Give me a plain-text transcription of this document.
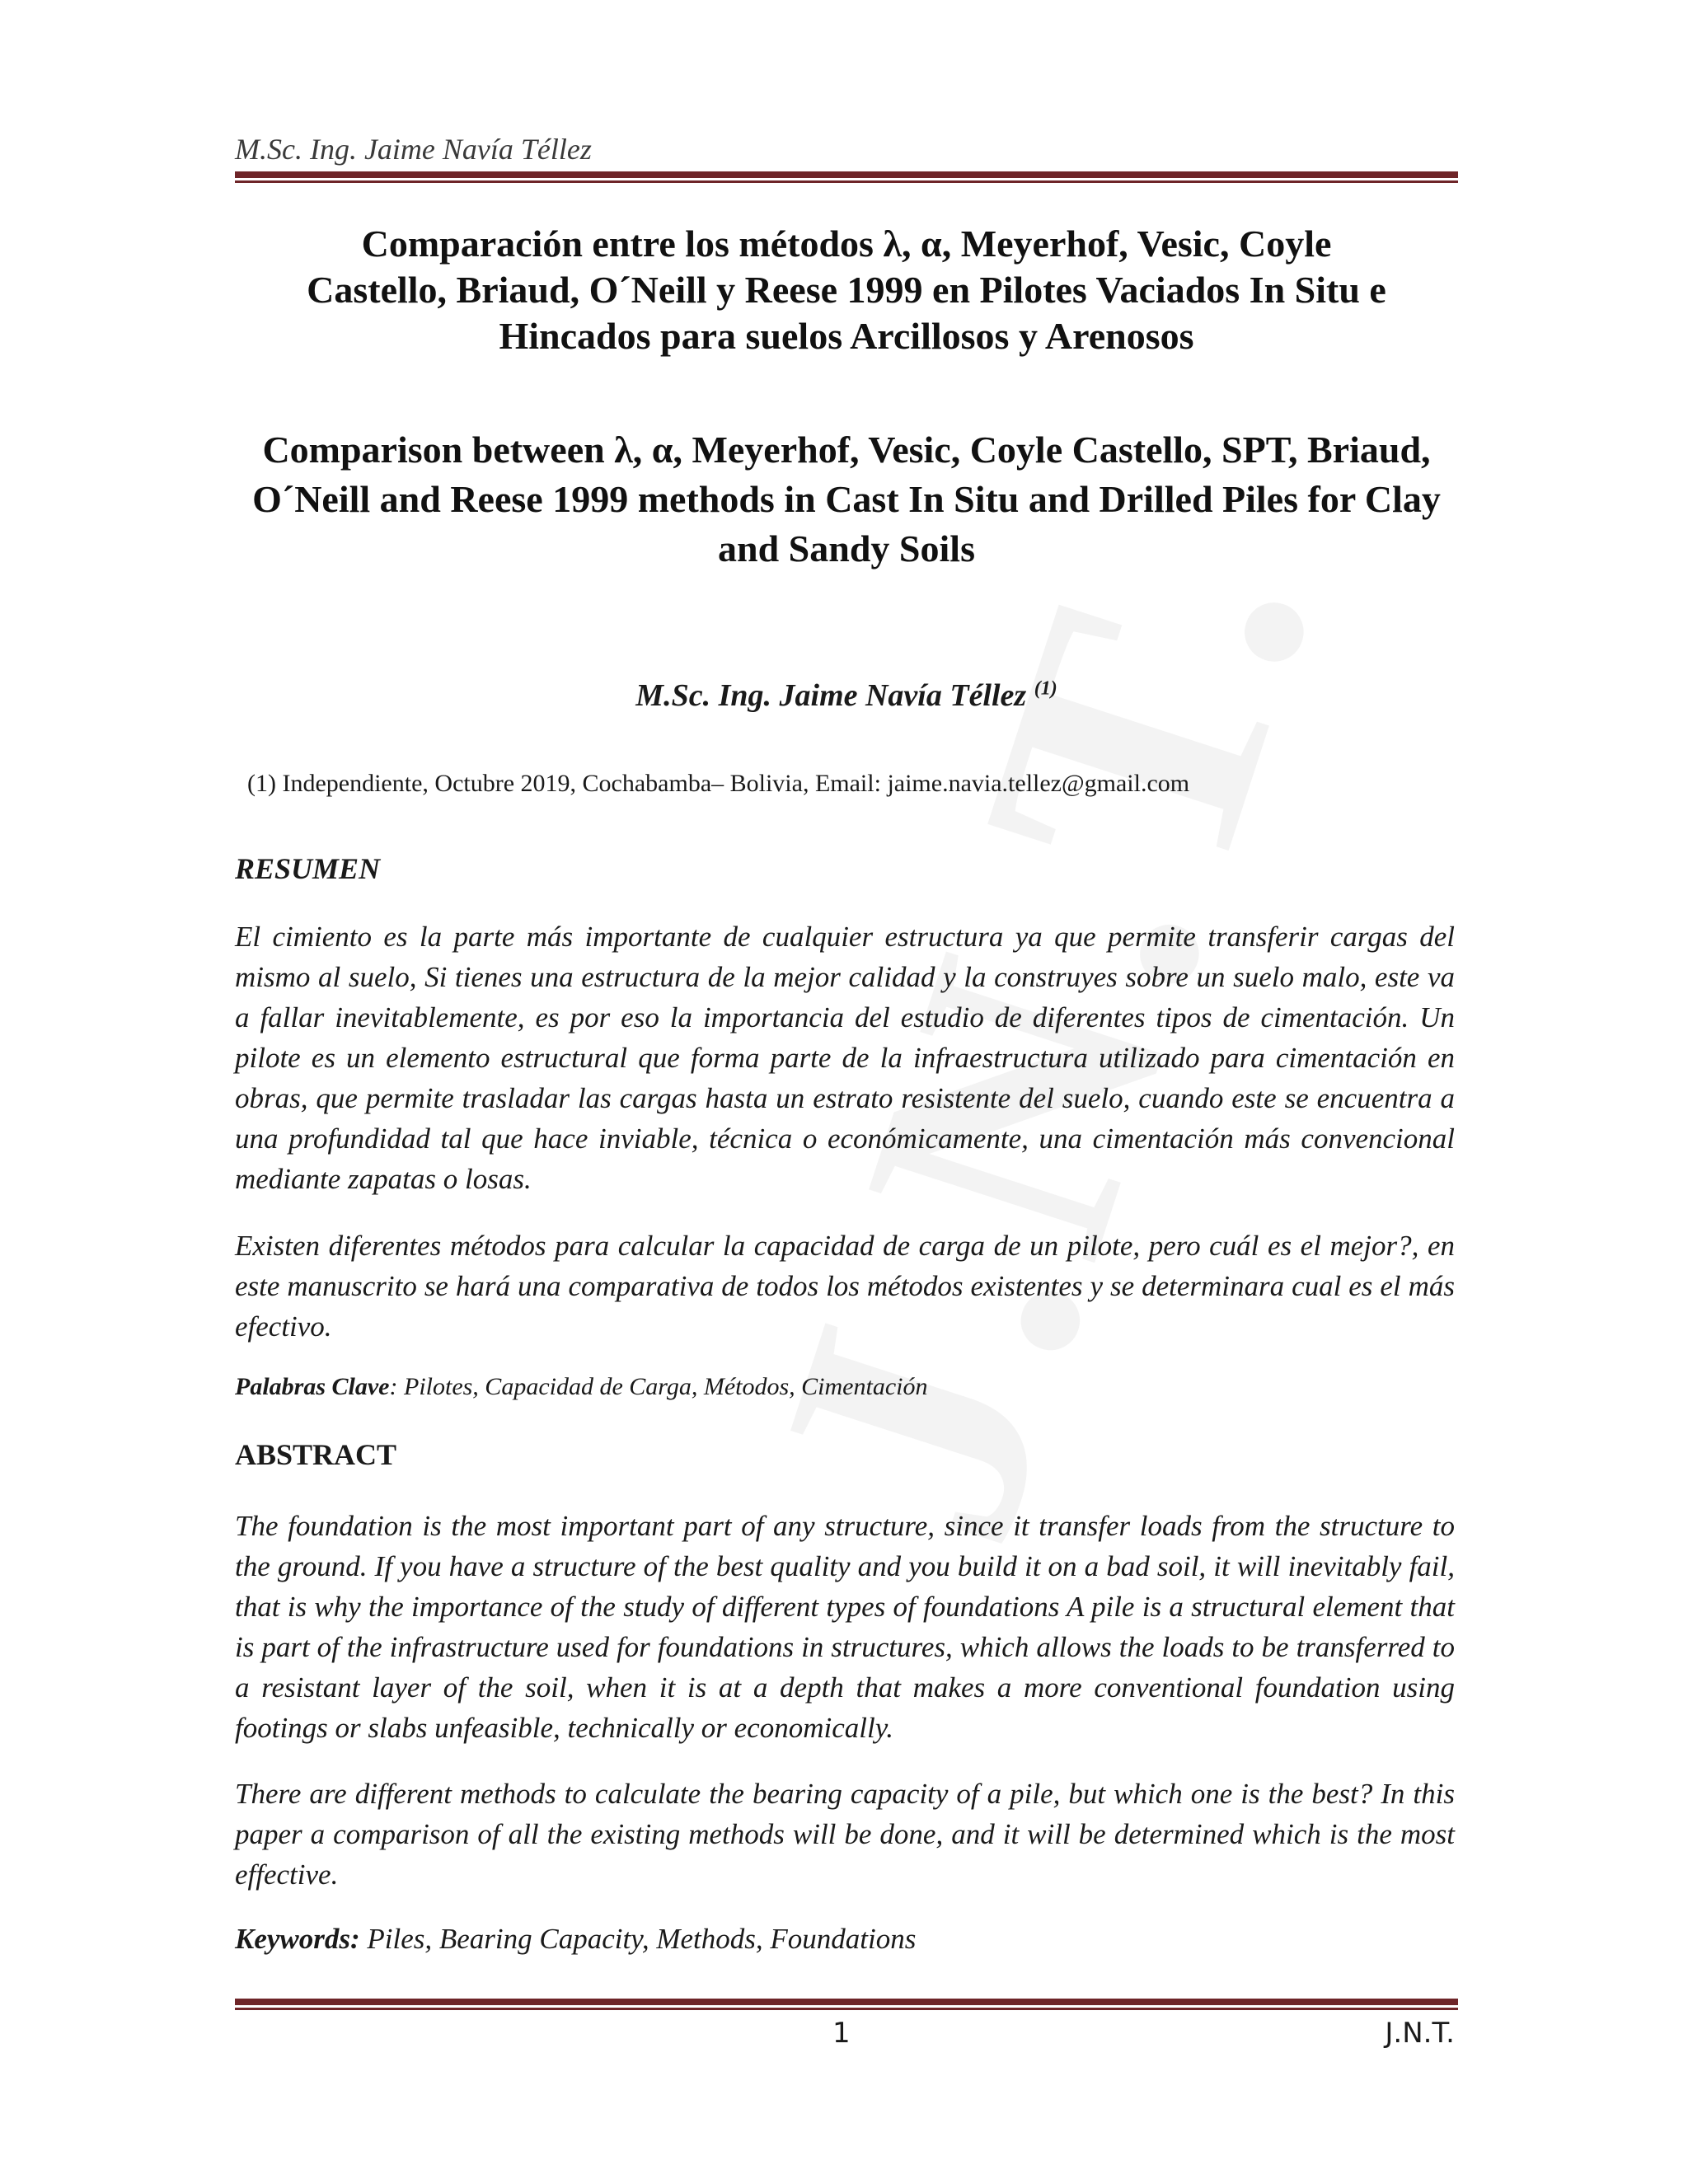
M.Sc. Ing. Jaime Navía Téllez
Comparación entre los métodos λ, α, Meyerhof, Vesic, Coyle
Castello, Briaud, O´Neill y Reese 1999 en Pilotes Vaciados In Situ e
Hincados para suelos Arcillosos y Arenosos
Comparison between λ, α, Meyerhof, Vesic, Coyle Castello, SPT, Briaud,
O´Neill and Reese 1999 methods in Cast In Situ and Drilled Piles for Clay
and Sandy Soils
M.Sc. Ing. Jaime Navía Téllez $^{(1)}$
(1) Independiente, Octubre 2019, Cochabamba– Bolivia, Email: jaime.navia.tellez@gmail.com
RESUMEN
El cimiento es la parte más importante de cualquier estructura ya que permite transferir cargas del mismo al suelo, Si tienes una estructura de la mejor calidad y la construyes sobre un suelo malo, este va a fallar inevitablemente, es por eso la importancia del estudio de diferentes tipos de cimentación. Un pilote es un elemento estructural que forma parte de la infraestructura utilizado para cimentación en obras, que permite trasladar las cargas hasta un estrato resistente del suelo, cuando este se encuentra a una profundidad tal que hace inviable, técnica o económicamente, una cimentación más convencional mediante zapatas o losas.
Existen diferentes métodos para calcular la capacidad de carga de un pilote, pero cuál es el mejor?, en este manuscrito se hará una comparativa de todos los métodos existentes y se determinara cual es el más efectivo.
Palabras Clave: Pilotes, Capacidad de Carga, Métodos, Cimentación
ABSTRACT
The foundation is the most important part of any structure, since it transfer loads from the structure to the ground. If you have a structure of the best quality and you build it on a bad soil, it will inevitably fail, that is why the importance of the study of different types of foundations A pile is a structural element that is part of the infrastructure used for foundations in structures, which allows the loads to be transferred to a resistant layer of the soil, when it is at a depth that makes a more conventional foundation using footings or slabs unfeasible, technically or economically.
There are different methods to calculate the bearing capacity of a pile, but which one is the best? In this paper a comparison of all the existing methods will be done, and it will be determined which is the most effective.
Keywords: Piles, Bearing Capacity, Methods, Foundations
1	J.N.T.
